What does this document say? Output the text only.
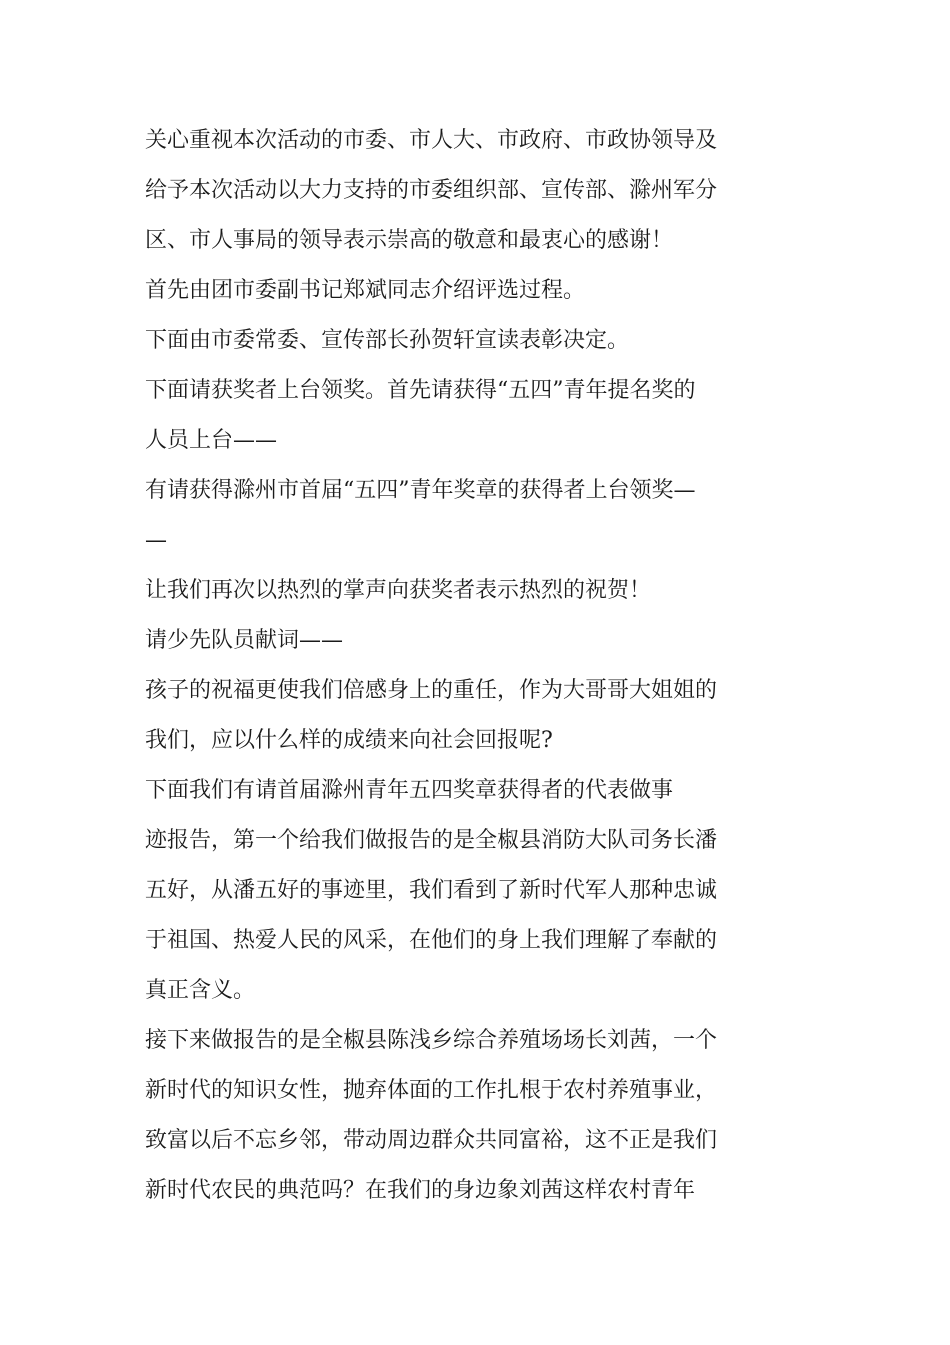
关心重视本次活动的市委、市人大、市政府、市政协领导及
给予本次活动以大力支持的市委组织部、宣传部、滁州军分
区、市人事局的领导表示崇高的敬意和最衷心的感谢！
首先由团市委副书记郑斌同志介绍评选过程。
下面由市委常委、宣传部长孙贺轩宣读表彰决定。
下面请获奖者上台领奖。首先请获得“五四”青年提名奖的
人员上台——
有请获得滁州市首届“五四”青年奖章的获得者上台领奖—
—
让我们再次以热烈的掌声向获奖者表示热烈的祝贺！
请少先队员献词——
孩子的祝福更使我们倍感身上的重任，作为大哥哥大姐姐的
我们，应以什么样的成绩来向社会回报呢?
下面我们有请首届滁州青年五四奖章获得者的代表做事
迹报告，第一个给我们做报告的是全椒县消防大队司务长潘
五好，从潘五好的事迹里，我们看到了新时代军人那种忠诚
于祖国、热爱人民的风采，在他们的身上我们理解了奉献的
真正含义。
接下来做报告的是全椒县陈浅乡综合养殖场场长刘茜，一个
新时代的知识女性，抛弃体面的工作扎根于农村养殖事业，
致富以后不忘乡邻，带动周边群众共同富裕，这不正是我们
新时代农民的典范吗？在我们的身边象刘茜这样农村青年
